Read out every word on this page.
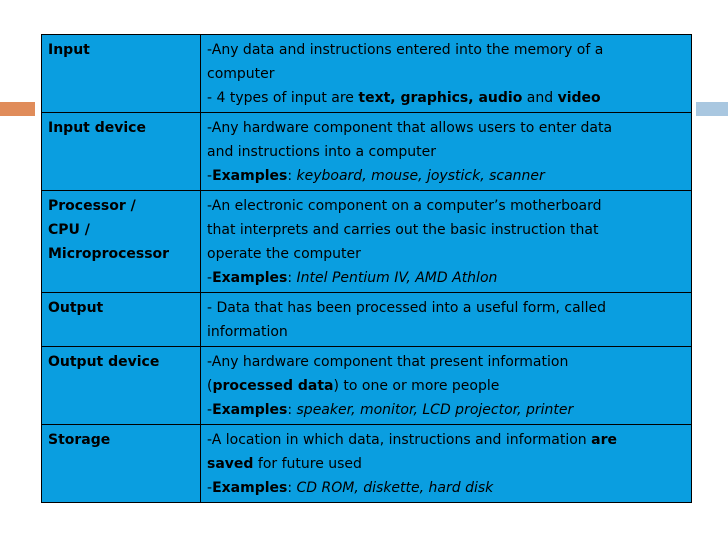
Input	-Any data and instructions entered into the memory of a
computer
- 4 types of input are text, graphics, audio and video

Input device	-Any hardware component that allows users to enter data
and instructions into a computer
-Examples: keyboard, mouse, joystick, scanner

Processor /
CPU /
Microprocessor	-An electronic component on a computer’s motherboard
that interprets and carries out the basic instruction that
operate the computer
-Examples: Intel Pentium IV, AMD Athlon

Output	- Data that has been processed into a useful form, called
information

Output device	-Any hardware component that present information
(processed data) to one or more people
-Examples: speaker, monitor, LCD projector, printer

Storage	-A location in which data, instructions and information are
saved for future used
-Examples: CD ROM, diskette, hard disk
